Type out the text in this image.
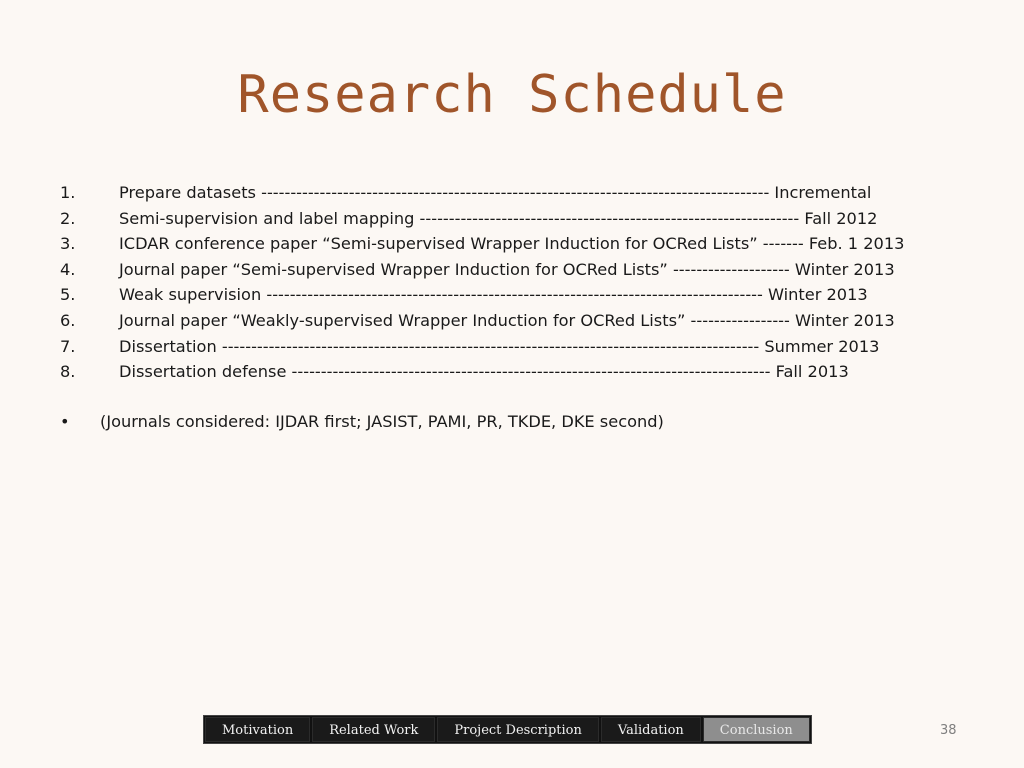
Research Schedule
1.	Prepare datasets --------------------------------------------------------------------------------------- Incremental
2.	Semi-supervision and label mapping ----------------------------------------------------------------- Fall 2012
3.	ICDAR conference paper “Semi-supervised Wrapper Induction for OCRed Lists” ------- Feb. 1 2013
4.	Journal paper “Semi-supervised Wrapper Induction for OCRed Lists” -------------------- Winter 2013
5.	Weak supervision ------------------------------------------------------------------------------------- Winter 2013
6.	Journal paper “Weakly-supervised Wrapper Induction for OCRed Lists” ----------------- Winter 2013
7.	Dissertation -------------------------------------------------------------------------------------------- Summer 2013
8.	Dissertation defense ---------------------------------------------------------------------------------- Fall 2013
• (Journals considered: IJDAR first; JASIST, PAMI, PR, TKDE, DKE second)
Motivation	Related Work	Project Description	Validation	Conclusion	38
